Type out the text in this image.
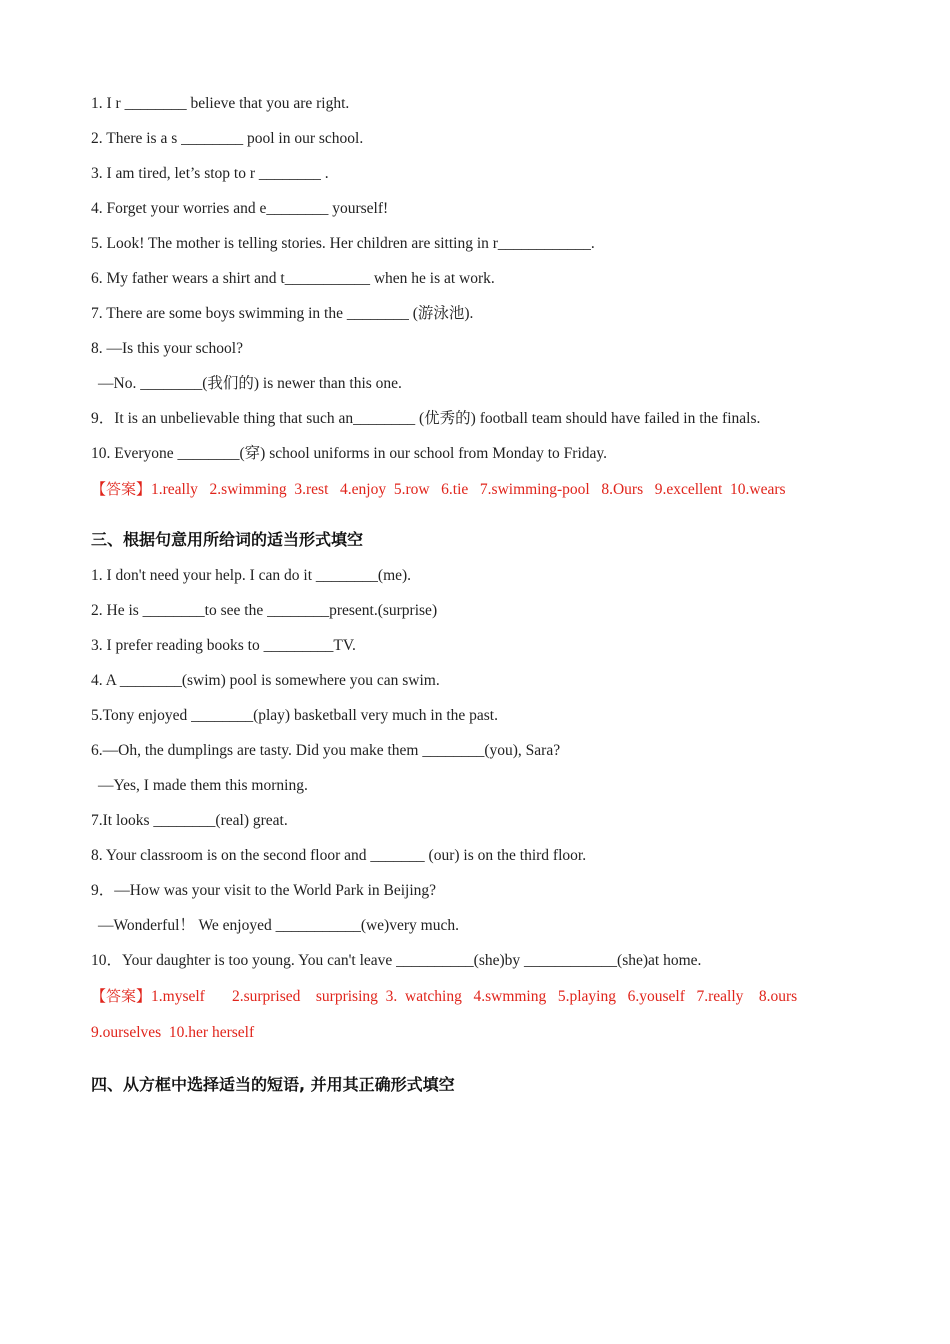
1. I r ________ believe that you are right.
2. There is a s ________ pool in our school.
3. I am tired, let’s stop to r ________ .
4. Forget your worries and e________ yourself!
5. Look! The mother is telling stories. Her children are sitting in r____________.
6. My father wears a shirt and t___________ when he is at work.
7. There are some boys swimming in the ________ (游泳池).
8. —Is this your school?
—No. ________(我们的) is newer than this one.
9．It is an unbelievable thing that such an________ (优秀的) football team should have failed in the finals.
10. Everyone ________(穿) school uniforms in our school from Monday to Friday.
【答案】1.really   2.swimming  3.rest   4.enjoy  5.row   6.tie   7.swimming-pool   8.Ours   9.excellent  10.wears
三、根据句意用所给词的适当形式填空
1. I don't need your help. I can do it ________(me).
2. He is ________to see the ________present.(surprise)
3. I prefer reading books to _________TV.
4. A ________(swim) pool is somewhere you can swim.
5.Tony enjoyed ________(play) basketball very much in the past.
6.—Oh, the dumplings are tasty. Did you make them ________(you), Sara?
—Yes, I made them this morning.
7.It looks ________(real) great.
8. Your classroom is on the second floor and _______ (our) is on the third floor.
9．—How was your visit to the World Park in Beijing?
—Wonderful！ We enjoyed ___________(we)very much.
10．Your daughter is too young. You can't leave __________(she)by ____________(she)at home.
【答案】1.myself       2.surprised    surprising  3.  watching   4.swmming   5.playing   6.youself   7.really    8.ours
9.ourselves  10.her herself
四、从方框中选择适当的短语, 并用其正确形式填空
